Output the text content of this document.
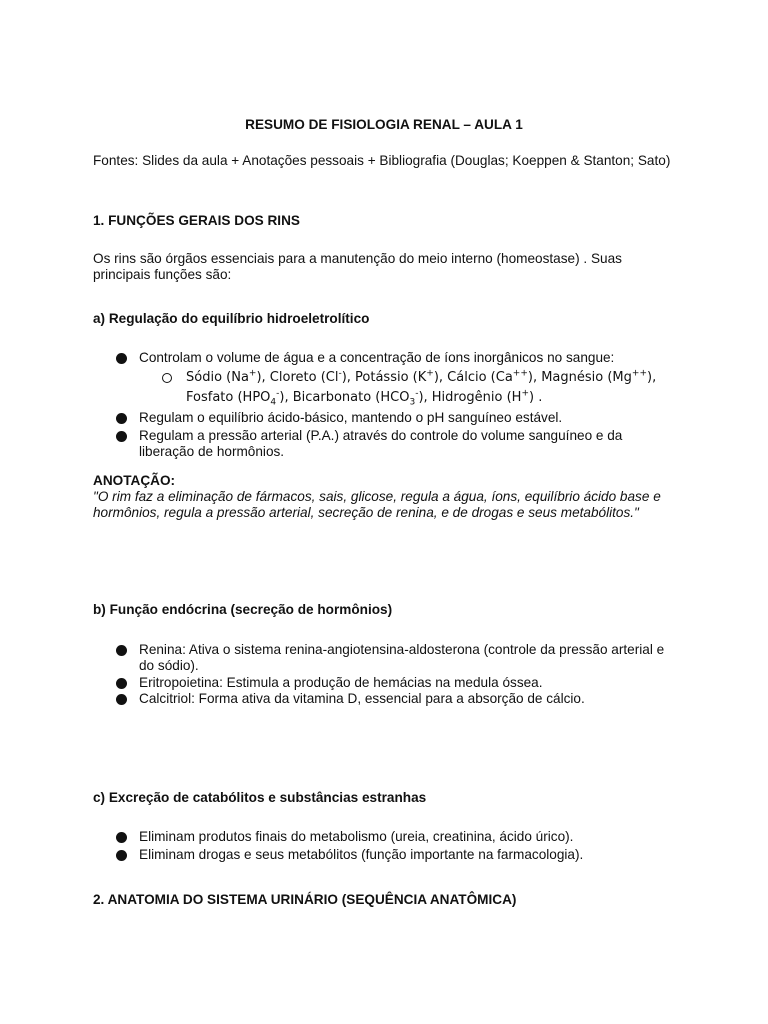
RESUMO DE FISIOLOGIA RENAL – AULA 1
Fontes: Slides da aula + Anotações pessoais + Bibliografia (Douglas; Koeppen & Stanton; Sato)
1. FUNÇÕES GERAIS DOS RINS
Os rins são órgãos essenciais para a manutenção do meio interno (homeostase) . Suas principais funções são:
a) Regulação do equilíbrio hidroeletrolítico
Controlam o volume de água e a concentração de íons inorgânicos no sangue:
Sódio (Na+), Cloreto (Cl-), Potássio (K+), Cálcio (Ca++), Magnésio (Mg++),
Fosfato $(HPO_4^-)$, Bicarbonato $(HCO_3^-)$, Hidrogênio (H+) .
Regulam o equilíbrio ácido-básico, mantendo o pH sanguíneo estável.
Regulam a pressão arterial (P.A.) através do controle do volume sanguíneo e da liberação de hormônios.
ANOTAÇÃO:
"O rim faz a eliminação de fármacos, sais, glicose, regula a água, íons, equilíbrio ácido base e hormônios, regula a pressão arterial, secreção de renina, e de drogas e seus metabólitos."
b) Função endócrina (secreção de hormônios)
Renina: Ativa o sistema renina-angiotensina-aldosterona (controle da pressão arterial e do sódio).
Eritropoietina: Estimula a produção de hemácias na medula óssea.
Calcitriol: Forma ativa da vitamina D, essencial para a absorção de cálcio.
c) Excreção de catabólitos e substâncias estranhas
Eliminam produtos finais do metabolismo (ureia, creatinina, ácido úrico).
Eliminam drogas e seus metabólitos (função importante na farmacologia).
2. ANATOMIA DO SISTEMA URINÁRIO (SEQUÊNCIA ANATÔMICA)
